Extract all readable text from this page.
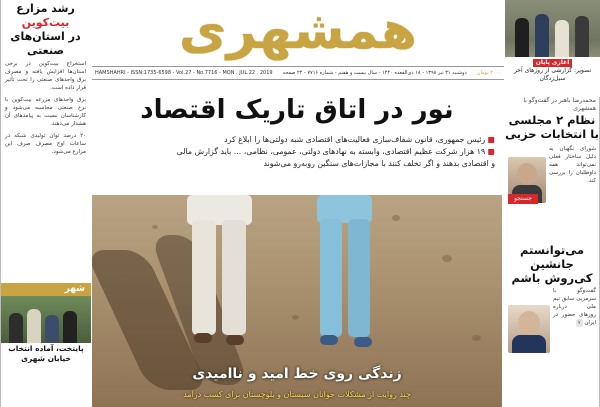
رشد مزارع
بیت‌کوین
در استان‌های
صنعتی
استخراج بیت‌کوین در برخی استان‌ها افزایش یافته و مصرف برق واحدهای صنعتی را تحت تأثیر قرار داده است.
برق واحدهای مزرعه بیت‌کوین با نرخ صنعتی محاسبه می‌شود و کارشناسان نسبت به پیامدهای آن هشدار می‌دهند.
۲۰ درصد توان تولیدی شبکه در ساعات اوج مصرف صرف این مزارع می‌شود.
شهر
پایتخت، آماده انتخاب خیابان شهری
همشهری
HAMSHAHRI - ISSN:1735-6598 - Vol.27 - No.7716 - MON . JUL.22 . 2019 دوشنبه ۳۱ تیر ۱۳۹۸ - ۱۸ ذی‌القعده ۱۴۴۰ - سال بیست و هفتم - شماره ۷۷۱۶ - ۲۴ صفحه ۲۰۰۰ تومان
آغازی پایان
تصویر: گزارشی از روزهای آخر سیل‌زدگان
نور در اتاق تاریک اقتصاد
■ رئیس جمهوری، قانون شفاف‌سازی فعالیت‌های اقتصادی شبه دولتی‌ها را ابلاغ کرد
■ ۱۹ هزار شرکت عظیم اقتصادی، وابسته به نهادهای دولتی، عمومی، نظامی، ... باید گزارش مالی
و اقتصادی بدهند و اگر تخلف کنند با مجازات‌های سنگین روبه‌رو می‌شوند
زندگی روی خط امید و ناامیدی
چند روایت از مشکلات جوانان سیستان و بلوچستان برای کسب درآمد
محمدرضا باهنر در گفت‌وگو با همشهری
نظام ۲ مجلسی
با انتخابات حزبی
جستجو
شورای نگهبان به دلیل ساختار فعلی نمی‌تواند همه داوطلبان را بررسی کند.
می‌توانستم جانشین
کی‌روش باشم
گفت‌وگو با سرمربی سابق تیم ملی درباره روزهای حضور در ایران ۷
